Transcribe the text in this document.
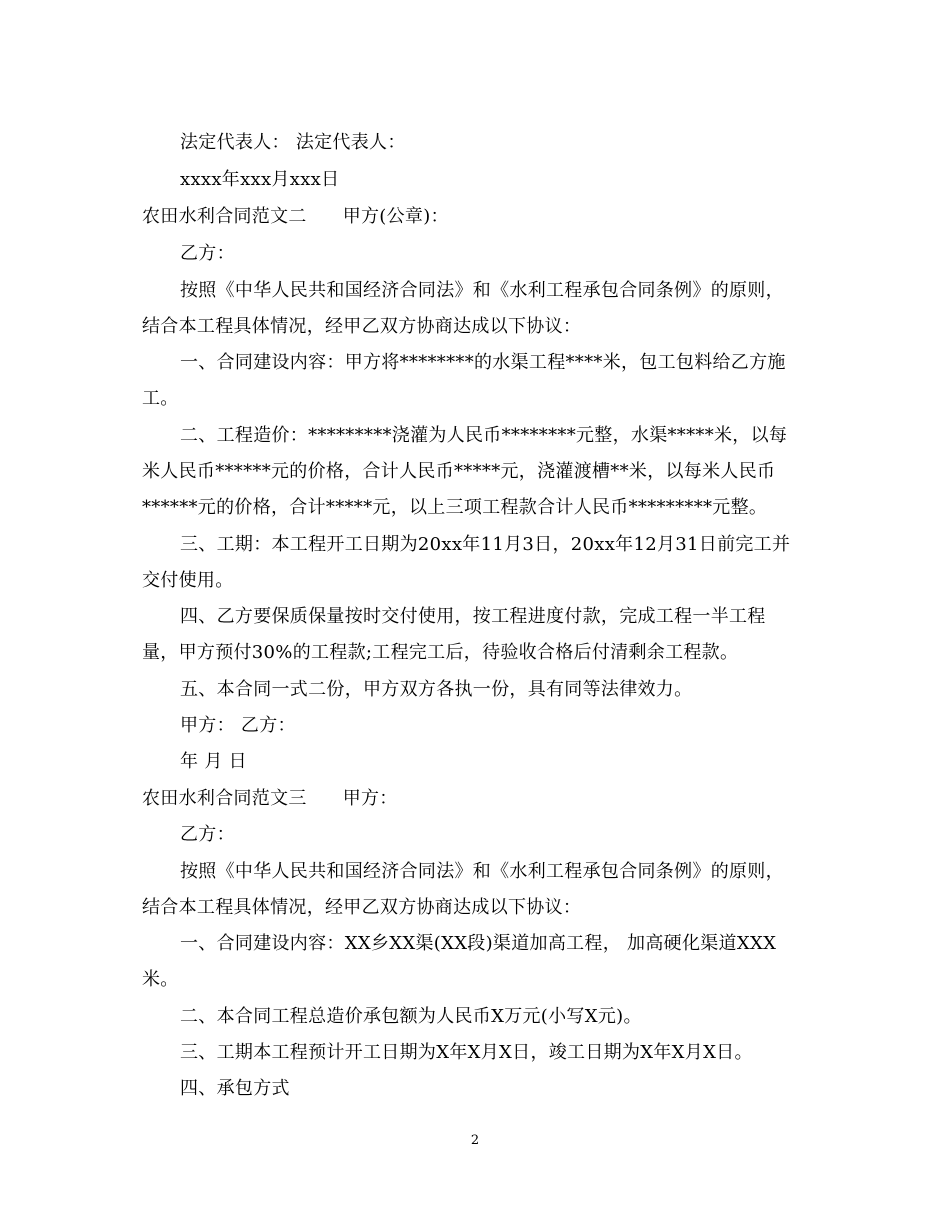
法定代表人： 法定代表人：
xxxx年xxx月xxx日
农田水利合同范文二 甲方(公章)：
乙方：
按照《中华人民共和国经济合同法》和《水利工程承包合同条例》的原则，
结合本工程具体情况，经甲乙双方协商达成以下协议：
一、合同建设内容：甲方将********的水渠工程****米，包工包料给乙方施
工。
二、工程造价：*********浇灌为人民币********元整，水渠*****米，以每
米人民币******元的价格，合计人民币*****元，浇灌渡槽**米，以每米人民币
******元的价格，合计*****元，以上三项工程款合计人民币*********元整。
三、工期：本工程开工日期为20xx年11月3日，20xx年12月31日前完工并
交付使用。
四、乙方要保质保量按时交付使用，按工程进度付款，完成工程一半工程
量，甲方预付30%的工程款;工程完工后，待验收合格后付清剩余工程款。
五、本合同一式二份，甲方双方各执一份，具有同等法律效力。
甲方： 乙方：
年 月 日
农田水利合同范文三 甲方：
乙方：
按照《中华人民共和国经济合同法》和《水利工程承包合同条例》的原则，
结合本工程具体情况，经甲乙双方协商达成以下协议：
一、合同建设内容：XX乡XX渠(XX段)渠道加高工程， 加高硬化渠道XXX
米。
二、本合同工程总造价承包额为人民币X万元(小写X元)。
三、工期本工程预计开工日期为X年X月X日，竣工日期为X年X月X日。
四、承包方式
2
